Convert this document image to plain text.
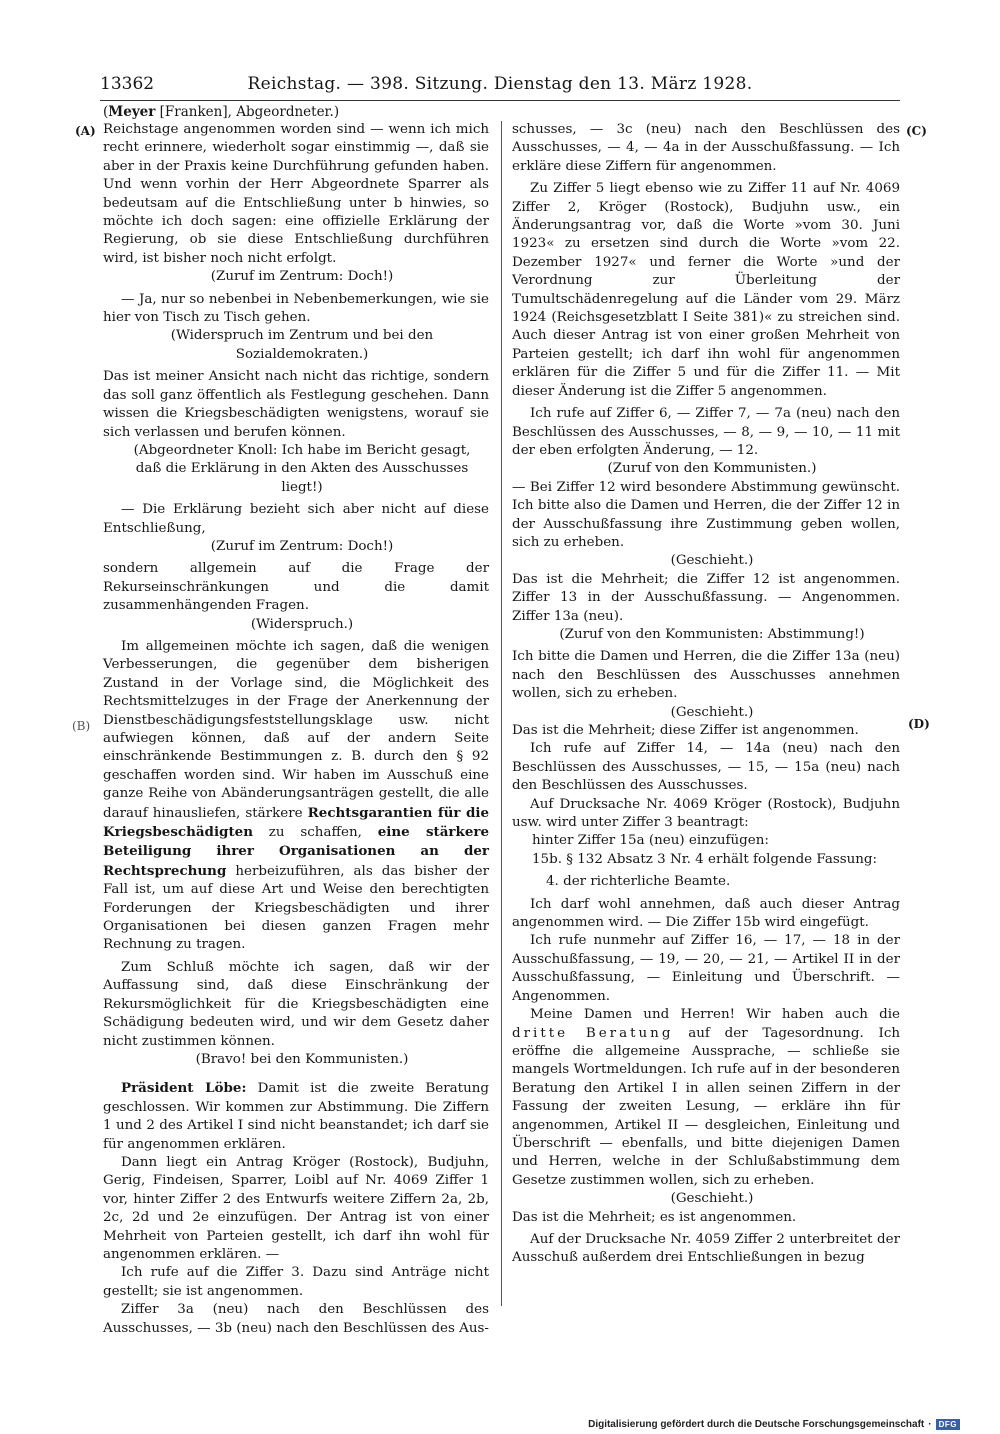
13362	Reichstag. — 398. Sitzung. Dienstag den 13. März 1928.
(Meyer [Franken], Abgeordneter.)
(A)
(B)
(C)
(D)

Reichstage angenommen worden sind — wenn ich mich recht erinnere, wiederholt sogar einstimmig —, daß sie aber in der Praxis keine Durchführung gefunden haben. Und wenn vorhin der Herr Abgeordnete Sparrer als bedeutsam auf die Entschließung unter b hinwies, so möchte ich doch sagen: eine offizielle Erklärung der Regierung, ob sie diese Entschließung durchführen wird, ist bisher noch nicht erfolgt.

(Zuruf im Zentrum: Doch!)

— Ja, nur so nebenbei in Nebenbemerkungen, wie sie hier von Tisch zu Tisch gehen.

(Widerspruch im Zentrum und bei den Sozialdemokraten.)

Das ist meiner Ansicht nach nicht das richtige, sondern das soll ganz öffentlich als Festlegung geschehen. Dann wissen die Kriegsbeschädigten wenigstens, worauf sie sich verlassen und berufen können.

(Abgeordneter Knoll: Ich habe im Bericht gesagt, daß die Erklärung in den Akten des Ausschusses liegt!)

— Die Erklärung bezieht sich aber nicht auf diese Entschließung,

(Zuruf im Zentrum: Doch!)

sondern allgemein auf die Frage der Rekurseinschränkungen und die damit zusammenhängenden Fragen.

(Widerspruch.)

Im allgemeinen möchte ich sagen, daß die wenigen Verbesserungen, die gegenüber dem bisherigen Zustand in der Vorlage sind, die Möglichkeit des Rechtsmittelzuges in der Frage der Anerkennung der Dienstbeschädigungsfeststellungsklage usw. nicht aufwiegen können, daß auf der andern Seite einschränkende Bestimmungen z. B. durch den § 92 geschaffen worden sind. Wir haben im Ausschuß eine ganze Reihe von Abänderungsanträgen gestellt, die alle darauf hinausliefen, stärkere Rechtsgarantien für die Kriegsbeschädigten zu schaffen, eine stärkere Beteiligung ihrer Organisationen an der Rechtsprechung herbeizuführen, als das bisher der Fall ist, um auf diese Art und Weise den berechtigten Forderungen der Kriegsbeschädigten und ihrer Organisationen bei diesen ganzen Fragen mehr Rechnung zu tragen.

Zum Schluß möchte ich sagen, daß wir der Auffassung sind, daß diese Einschränkung der Rekursmöglichkeit für die Kriegsbeschädigten eine Schädigung bedeuten wird, und wir dem Gesetz daher nicht zustimmen können.

(Bravo! bei den Kommunisten.)

Präsident Löbe: Damit ist die zweite Beratung geschlossen. Wir kommen zur Abstimmung. Die Ziffern 1 und 2 des Artikel I sind nicht beanstandet; ich darf sie für angenommen erklären.

Dann liegt ein Antrag Kröger (Rostock), Budjuhn, Gerig, Findeisen, Sparrer, Loibl auf Nr. 4069 Ziffer 1 vor, hinter Ziffer 2 des Entwurfs weitere Ziffern 2a, 2b, 2c, 2d und 2e einzufügen. Der Antrag ist von einer Mehrheit von Parteien gestellt, ich darf ihn wohl für angenommen erklären. —

Ich rufe auf die Ziffer 3. Dazu sind Anträge nicht gestellt; sie ist angenommen.

Ziffer 3a (neu) nach den Beschlüssen des Ausschusses, — 3b (neu) nach den Beschlüssen des Aus-

schusses, — 3c (neu) nach den Beschlüssen des Ausschusses, — 4, — 4a in der Ausschußfassung. — Ich erkläre diese Ziffern für angenommen.

Zu Ziffer 5 liegt ebenso wie zu Ziffer 11 auf Nr. 4069 Ziffer 2, Kröger (Rostock), Budjuhn usw., ein Änderungsantrag vor, daß die Worte »vom 30. Juni 1923« zu ersetzen sind durch die Worte »vom 22. Dezember 1927« und ferner die Worte »und der Verordnung zur Überleitung der Tumultschädenregelung auf die Länder vom 29. März 1924 (Reichsgesetzblatt I Seite 381)« zu streichen sind. Auch dieser Antrag ist von einer großen Mehrheit von Parteien gestellt; ich darf ihn wohl für angenommen erklären für die Ziffer 5 und für die Ziffer 11. — Mit dieser Änderung ist die Ziffer 5 angenommen.

Ich rufe auf Ziffer 6, — Ziffer 7, — 7a (neu) nach den Beschlüssen des Ausschusses, — 8, — 9, — 10, — 11 mit der eben erfolgten Änderung, — 12.

(Zuruf von den Kommunisten.)

— Bei Ziffer 12 wird besondere Abstimmung gewünscht. Ich bitte also die Damen und Herren, die der Ziffer 12 in der Ausschußfassung ihre Zustimmung geben wollen, sich zu erheben.

(Geschieht.)

Das ist die Mehrheit; die Ziffer 12 ist angenommen. Ziffer 13 in der Ausschußfassung. — Angenommen. Ziffer 13a (neu).

(Zuruf von den Kommunisten: Abstimmung!)

Ich bitte die Damen und Herren, die die Ziffer 13a (neu) nach den Beschlüssen des Ausschusses annehmen wollen, sich zu erheben.

(Geschieht.)

Das ist die Mehrheit; diese Ziffer ist angenommen.

Ich rufe auf Ziffer 14, — 14a (neu) nach den Beschlüssen des Ausschusses, — 15, — 15a (neu) nach den Beschlüssen des Ausschusses.

Auf Drucksache Nr. 4069 Kröger (Rostock), Budjuhn usw. wird unter Ziffer 3 beantragt:

hinter Ziffer 15a (neu) einzufügen:

15b. § 132 Absatz 3 Nr. 4 erhält folgende Fassung:

4. der richterliche Beamte.

Ich darf wohl annehmen, daß auch dieser Antrag angenommen wird. — Die Ziffer 15b wird eingefügt.

Ich rufe nunmehr auf Ziffer 16, — 17, — 18 in der Ausschußfassung, — 19, — 20, — 21, — Artikel II in der Ausschußfassung, — Einleitung und Überschrift. — Angenommen.

Meine Damen und Herren! Wir haben auch die dritte Beratung auf der Tagesordnung. Ich eröffne die allgemeine Aussprache, — schließe sie mangels Wortmeldungen. Ich rufe auf in der besonderen Beratung den Artikel I in allen seinen Ziffern in der Fassung der zweiten Lesung, — erkläre ihn für angenommen, Artikel II — desgleichen, Einleitung und Überschrift — ebenfalls, und bitte diejenigen Damen und Herren, welche in der Schlußabstimmung dem Gesetze zustimmen wollen, sich zu erheben.

(Geschieht.)

Das ist die Mehrheit; es ist angenommen.

Auf der Drucksache Nr. 4059 Ziffer 2 unterbreitet der Ausschuß außerdem drei Entschließungen in bezug

Digitalisierung gefördert durch die Deutsche Forschungsgemeinschaft · DFG
